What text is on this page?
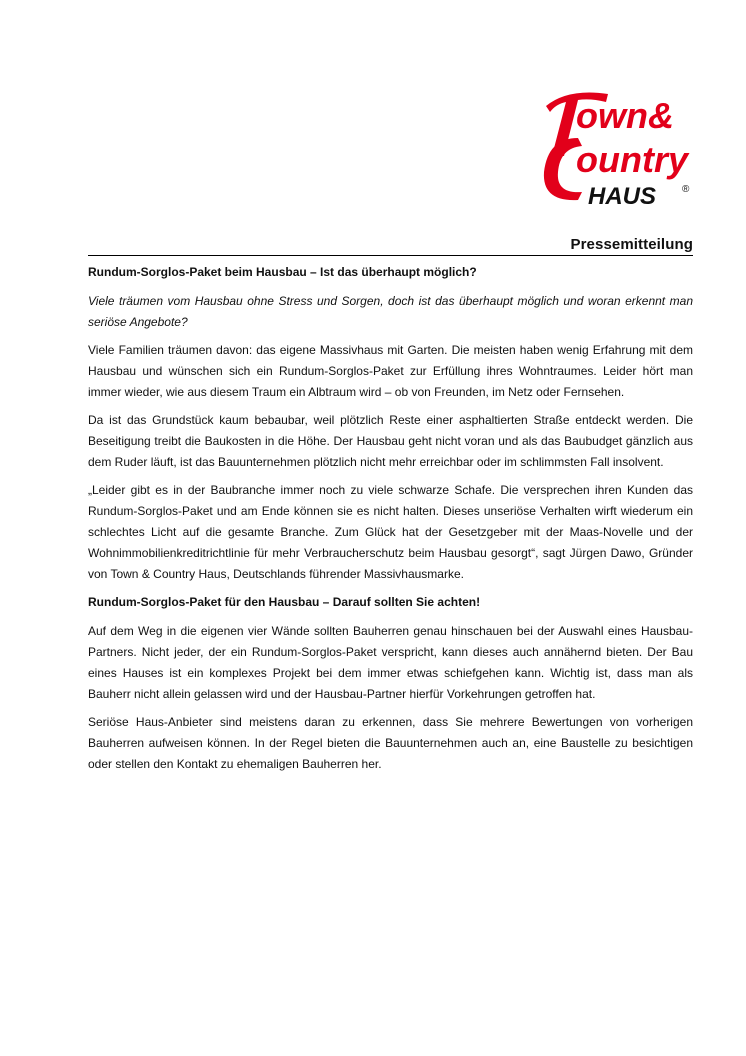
own&
ountry
HAUS	®

Pressemitteilung

Rundum-Sorglos-Paket beim Hausbau – Ist das überhaupt möglich?

Viele träumen vom Hausbau ohne Stress und Sorgen, doch ist das überhaupt möglich und woran erkennt man seriöse Angebote?

Viele Familien träumen davon: das eigene Massivhaus mit Garten. Die meisten haben wenig Erfahrung mit dem Hausbau und wünschen sich ein Rundum-Sorglos-Paket zur Erfüllung ihres Wohntraumes. Leider hört man immer wieder, wie aus diesem Traum ein Albtraum wird – ob von Freunden, im Netz oder Fernsehen.

Da ist das Grundstück kaum bebaubar, weil plötzlich Reste einer asphaltierten Straße entdeckt werden. Die Beseitigung treibt die Baukosten in die Höhe. Der Hausbau geht nicht voran und als das Baubudget gänzlich aus dem Ruder läuft, ist das Bauunternehmen plötzlich nicht mehr erreichbar oder im schlimmsten Fall insolvent.

„Leider gibt es in der Baubranche immer noch zu viele schwarze Schafe. Die versprechen ihren Kunden das Rundum-Sorglos-Paket und am Ende können sie es nicht halten. Dieses unseriöse Verhalten wirft wiederum ein schlechtes Licht auf die gesamte Branche. Zum Glück hat der Gesetzgeber mit der Maas-Novelle und der Wohnimmobilienkreditrichtlinie für mehr Verbraucherschutz beim Hausbau gesorgt“, sagt Jürgen Dawo, Gründer von Town & Country Haus, Deutschlands führender Massivhausmarke.

Rundum-Sorglos-Paket für den Hausbau – Darauf sollten Sie achten!

Auf dem Weg in die eigenen vier Wände sollten Bauherren genau hinschauen bei der Auswahl eines Hausbau-Partners. Nicht jeder, der ein Rundum-Sorglos-Paket verspricht, kann dieses auch annähernd bieten. Der Bau eines Hauses ist ein komplexes Projekt bei dem immer etwas schiefgehen kann. Wichtig ist, dass man als Bauherr nicht allein gelassen wird und der Hausbau-Partner hierfür Vorkehrungen getroffen hat.

Seriöse Haus-Anbieter sind meistens daran zu erkennen, dass Sie mehrere Bewertungen von vorherigen Bauherren aufweisen können. In der Regel bieten die Bauunternehmen auch an, eine Baustelle zu besichtigen oder stellen den Kontakt zu ehemaligen Bauherren her.
